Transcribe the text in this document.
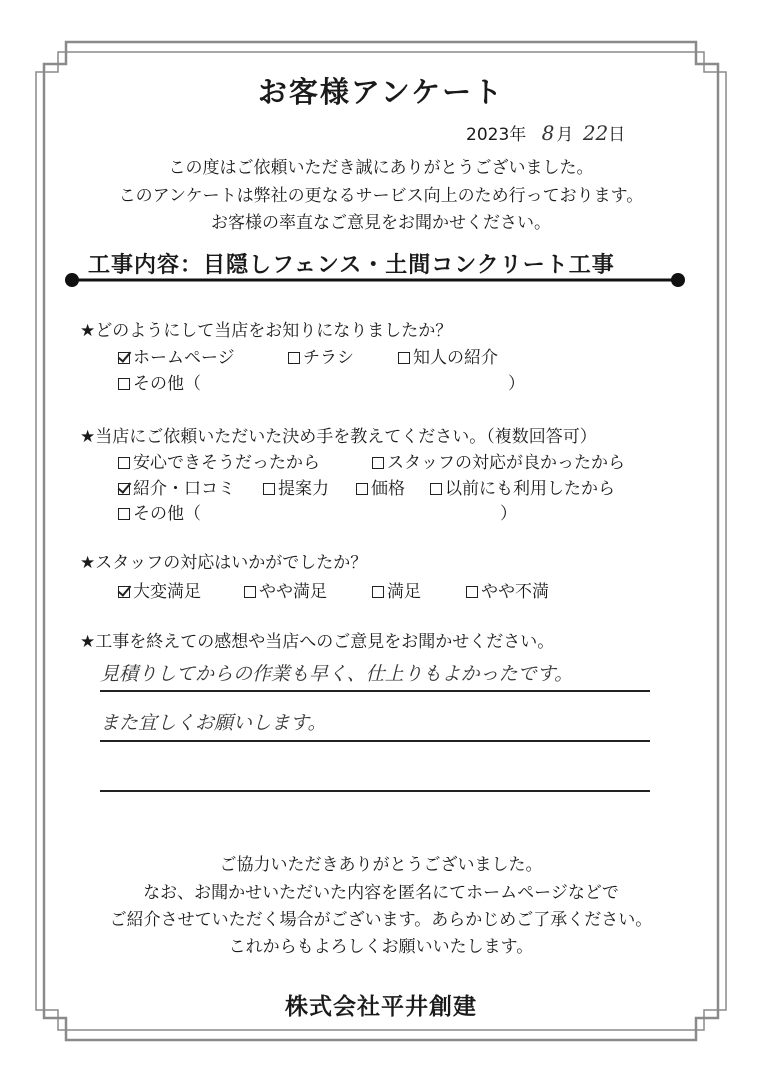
お客様アンケート
2023年 8 月 22日
この度はご依頼いただき誠にありがとうございました。
このアンケートは弊社の更なるサービス向上のため行っております。
お客様の率直なご意見をお聞かせください。
工事内容：目隠しフェンス・土間コンクリート工事
★どのようにして当店をお知りになりましたか？
ホームページ	チラシ	知人の紹介
その他（	）
★当店にご依頼いただいた決め手を教えてください。（複数回答可）
安心できそうだったから	スタッフの対応が良かったから
紹介・口コミ	提案力	価格	以前にも利用したから
その他（	）
★スタッフの対応はいかがでしたか？
大変満足	やや満足	満足	やや不満
★工事を終えての感想や当店へのご意見をお聞かせください。
見積りしてからの作業も早く、仕上りもよかったです。
また宜しくお願いします。
ご協力いただきありがとうございました。
なお、お聞かせいただいた内容を匿名にてホームページなどで
ご紹介させていただく場合がございます。あらかじめご了承ください。
これからもよろしくお願いいたします。
株式会社平井創建
